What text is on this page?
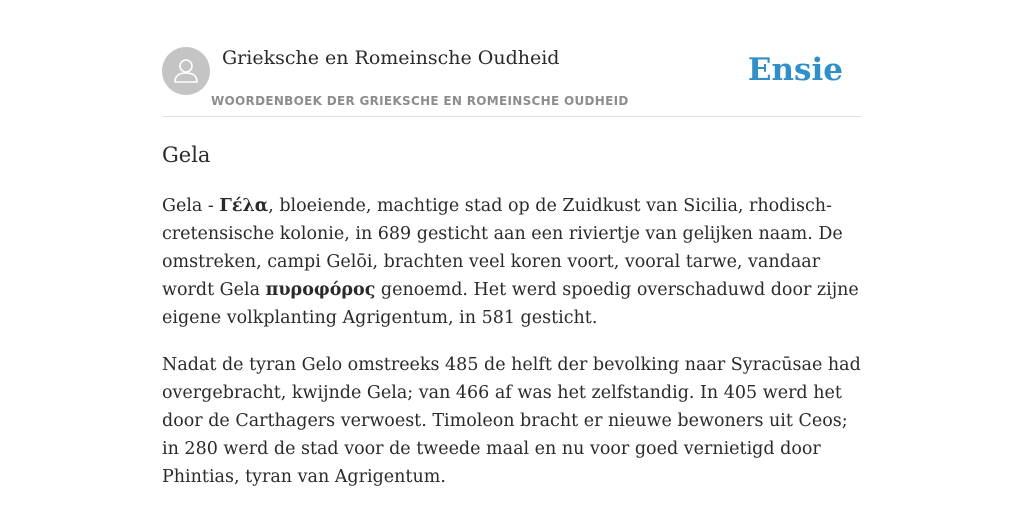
Grieksche en Romeinsche Oudheid
WOORDENBOEK DER GRIEKSCHE EN ROMEINSCHE OUDHEID
Ensie
Gela

Gela - Γέλα, bloeiende, machtige stad op de Zuidkust van Sicilia, rhodisch-cretensische kolonie, in 689 gesticht aan een riviertje van gelijken naam. De omstreken, campi Gelōi, brachten veel koren voort, vooral tarwe, vandaar wordt Gela πυροφόρος genoemd. Het werd spoedig overschaduwd door zijne eigene volkplanting Agrigentum, in 581 gesticht.

Nadat de tyran Gelo omstreeks 485 de helft der bevolking naar Syracūsae had overgebracht, kwijnde Gela; van 466 af was het zelfstandig. In 405 werd het door de Carthagers verwoest. Timoleon bracht er nieuwe bewoners uit Ceos; in 280 werd de stad voor de tweede maal en nu voor goed vernietigd door Phintias, tyran van Agrigentum.
